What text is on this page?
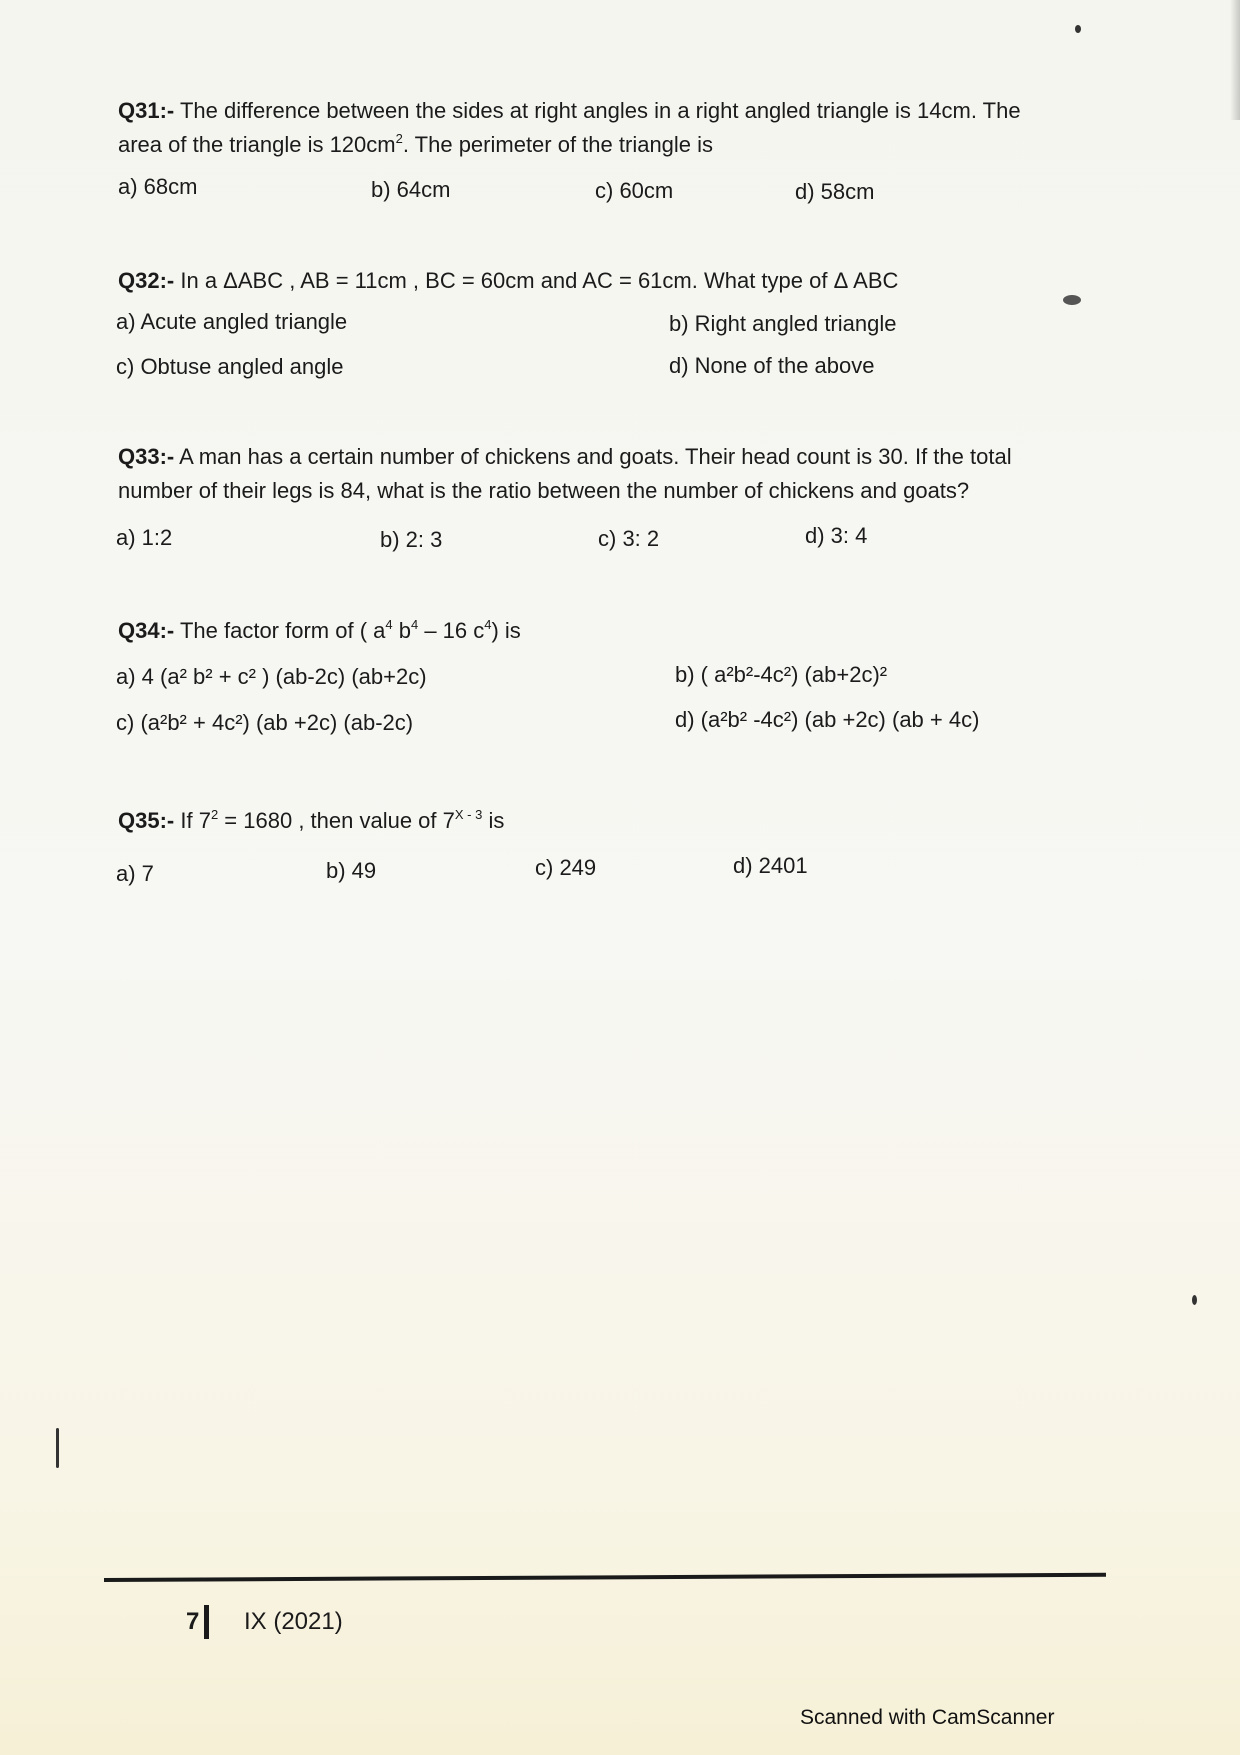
Q31:- The difference between the sides at right angles in a right angled triangle is 14cm. The
area of the triangle is $120cm^2$. The perimeter of the triangle is
a) 68cm	b) 64cm	c) 60cm	d) 58cm
Q32:- In a ΔABC , AB = 11cm , BC = 60cm and AC = 61cm. What type of Δ ABC
a) Acute angled triangle	b) Right angled triangle
c) Obtuse angled angle	d) None of the above
Q33:- A man has a certain number of chickens and goats. Their head count is 30. If the total
number of their legs is 84, what is the ratio between the number of chickens and goats?
a) 1:2	b) 2: 3	c) 3: 2	d) 3: 4
Q34:- The factor form of ( $a^4$ $b^4 - 16$ $c^4$) is
a) 4 (a² b² + c² ) (ab-2c) (ab+2c)	b) ( a²b²-4c²) (ab+2c)²
c) (a²b² + 4c²) (ab +2c) (ab-2c)	d) (a²b² -4c²) (ab +2c) (ab + 4c)
Q35:- If $7^2 = 1680$ , then value of $7^{X - 3}$ is
a) 7	b) 49	c) 249	d) 2401
7 IX (2021)
Scanned with CamScanner
